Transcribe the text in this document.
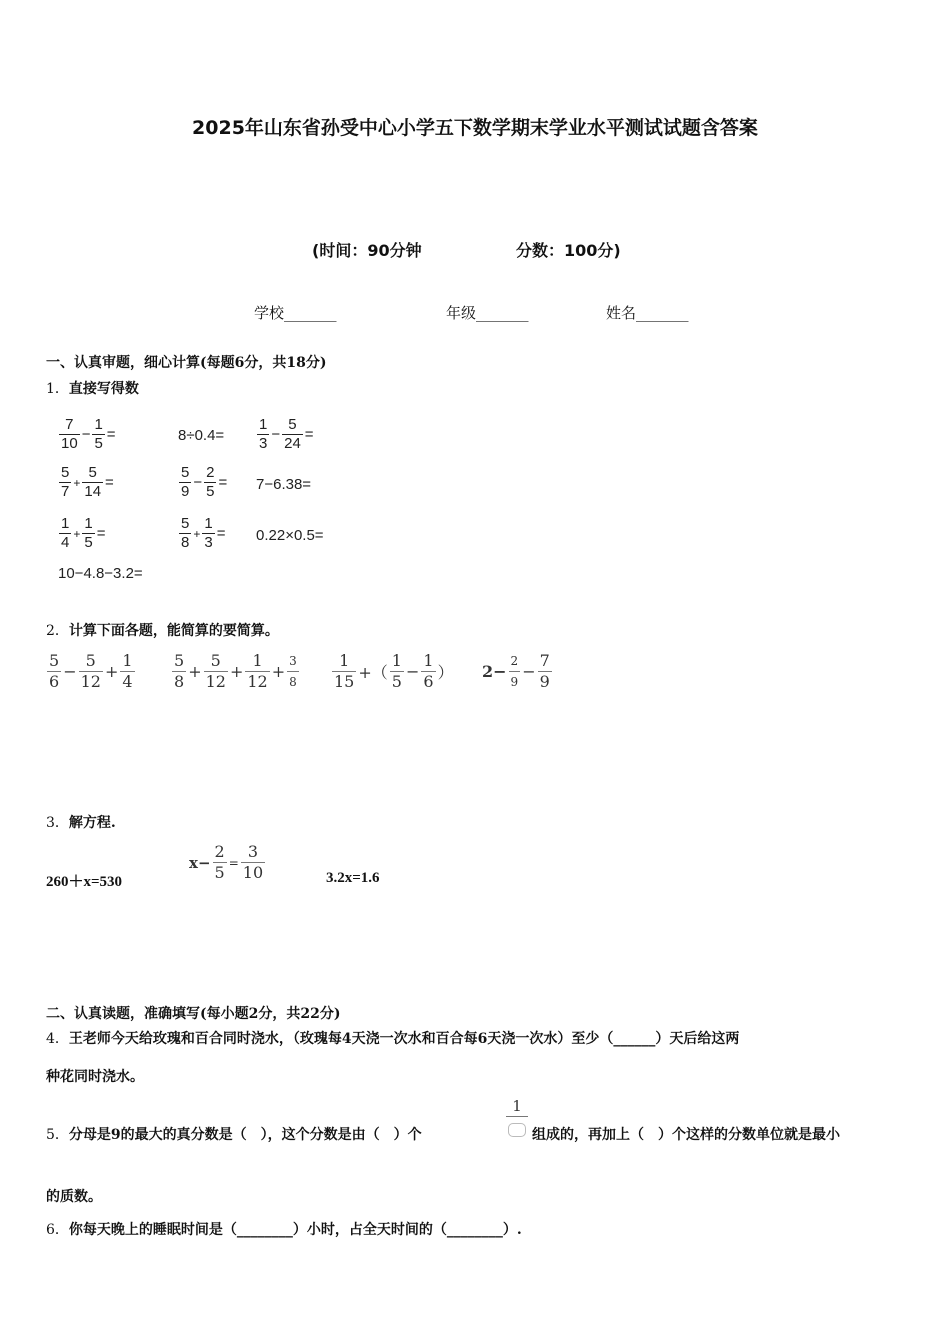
2025年山东省孙受中心小学五下数学期末学业水平测试试题含答案
(时间：90分钟	分数：100分)
学校_______	年级_______	姓名_______
一、认真审题，细心计算(每题6分，共18分)
1．直接写得数
$\frac{7}{10} - \frac{1}{5}$ =	$8\div 0.4= \frac{1}{3} - \frac{5}{24}$ =
$\frac{5}{7} + \frac{5}{14}$ =	$\frac{5}{9} - \frac{2}{5} = 7-6.38=$
$\frac{1}{4} + \frac{1}{5}$ =	$\frac{5}{8} + \frac{1}{3} = 0.22\times 0.5=$
10−4.8−3.2=
2．计算下面各题，能简算的要简算。
$\frac{5}{6} - \frac{5}{12} + \frac{1}{4} \frac{5}{8} + \frac{5}{12} + \frac{1}{12} + \frac{3}{8} \frac{1}{15}$ +（ $\frac{1}{5} - \frac{1}{6}$ ） $2- \frac{2}{9} - \frac{7}{9}$
3．解方程.
260＋x=530
$x- \frac{2}{5} = \frac{3}{10}$	3.2x=1.6
二、认真读题，准确填写(每小题2分，共22分)
4．王老师今天给玫瑰和百合同时浇水，（玫瑰每4天浇一次水和百合每6天浇一次水）至少（______）天后给这两
种花同时浇水。
5．分母是9的最大的真分数是（　），这个分数是由（　）个
1
组成的，再加上（　）个这样的分数单位就是最小
的质数。
6．你每天晚上的睡眠时间是（________）小时，占全天时间的（________）.
